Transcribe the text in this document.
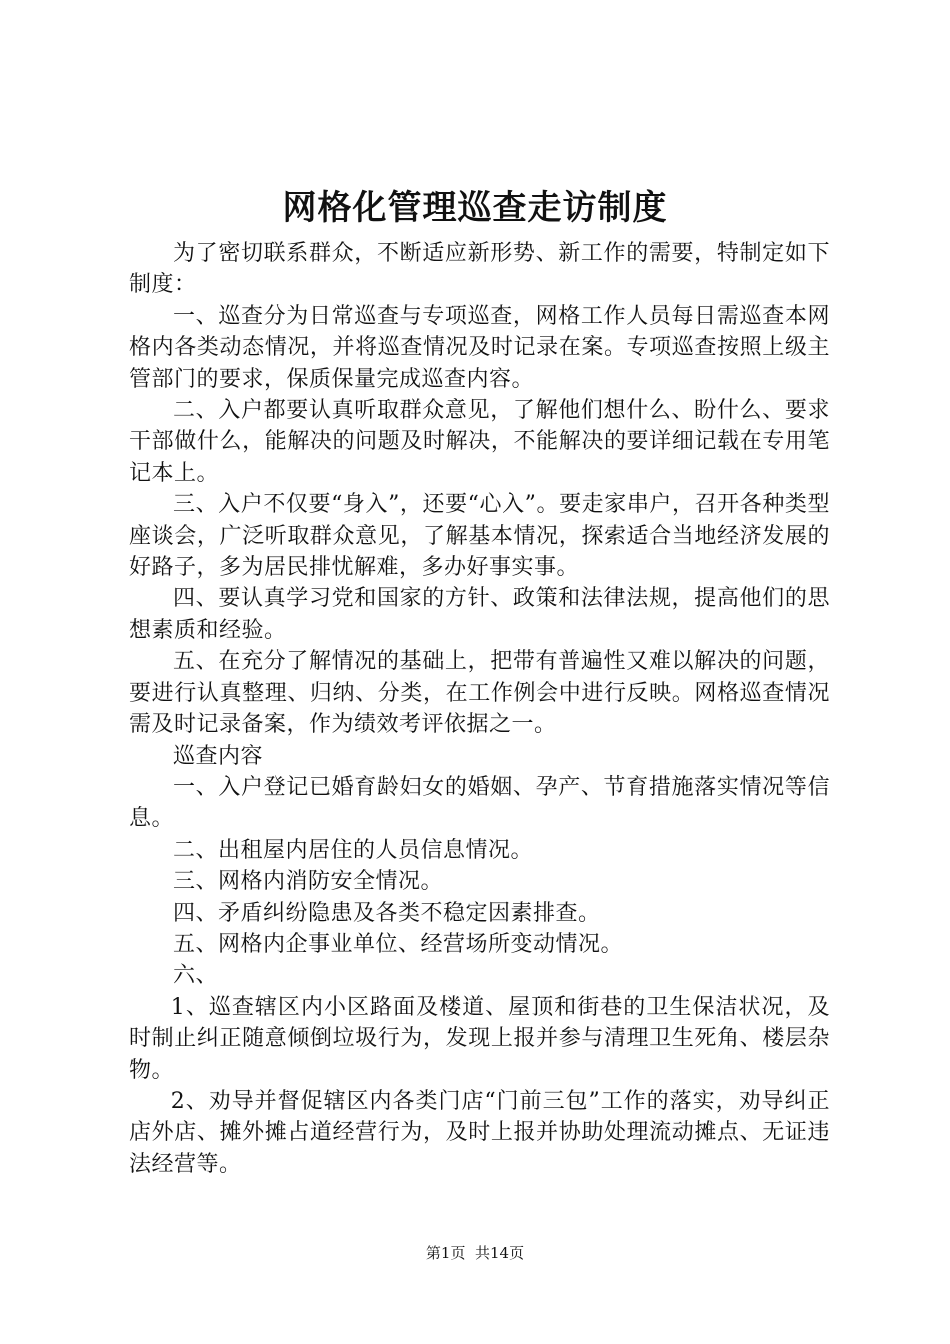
网格化管理巡查走访制度

为了密切联系群众，不断适应新形势、新工作的需要，特制定如下制度：

一、巡查分为日常巡查与专项巡查，网格工作人员每日需巡查本网格内各类动态情况，并将巡查情况及时记录在案。专项巡查按照上级主管部门的要求，保质保量完成巡查内容。

二、入户都要认真听取群众意见，了解他们想什么、盼什么、要求干部做什么，能解决的问题及时解决，不能解决的要详细记载在专用笔记本上。

三、入户不仅要“身入”，还要“心入”。要走家串户，召开各种类型座谈会，广泛听取群众意见，了解基本情况，探索适合当地经济发展的好路子，多为居民排忧解难，多办好事实事。

四、要认真学习党和国家的方针、政策和法律法规，提高他们的思想素质和经验。

五、在充分了解情况的基础上，把带有普遍性又难以解决的问题，要进行认真整理、归纳、分类，在工作例会中进行反映。网格巡查情况需及时记录备案，作为绩效考评依据之一。

巡查内容

一、入户登记已婚育龄妇女的婚姻、孕产、节育措施落实情况等信息。

二、出租屋内居住的人员信息情况。

三、网格内消防安全情况。

四、矛盾纠纷隐患及各类不稳定因素排查。

五、网格内企事业单位、经营场所变动情况。

六、

1、巡查辖区内小区路面及楼道、屋顶和街巷的卫生保洁状况，及时制止纠正随意倾倒垃圾行为，发现上报并参与清理卫生死角、楼层杂物。

2、劝导并督促辖区内各类门店“门前三包”工作的落实，劝导纠正店外店、摊外摊占道经营行为，及时上报并协助处理流动摊点、无证违法经营等。

第1页 共14页
